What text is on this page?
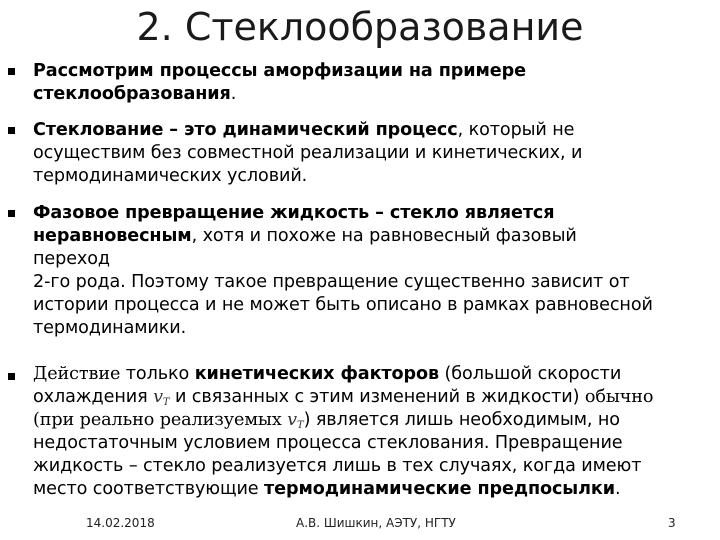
2. Стеклообразование
Рассмотрим процессы аморфизации на примере
стеклообразования.
Стеклование – это динамический процесс, который не
осуществим без совместной реализации и кинетических, и
термодинамических условий.
Фазовое превращение жидкость – стекло является
неравновесным, хотя и похоже на равновесный фазовый
переход
2-го рода. Поэтому такое превращение существенно зависит от
истории процесса и не может быть описано в рамках равновесной
термодинамики.
Действие только кинетических факторов (большой скорости
охлаждения $v_T$ и связанных с этим изменений в жидкости) обычно
(при реально реализуемых $v_T$) является лишь необходимым, но
недостаточным условием процесса стеклования. Превращение
жидкость – стекло реализуется лишь в тех случаях, когда имеют
место соответствующие термодинамические предпосылки.
14.02.2018	А.В. Шишкин, АЭТУ, НГТУ	3
